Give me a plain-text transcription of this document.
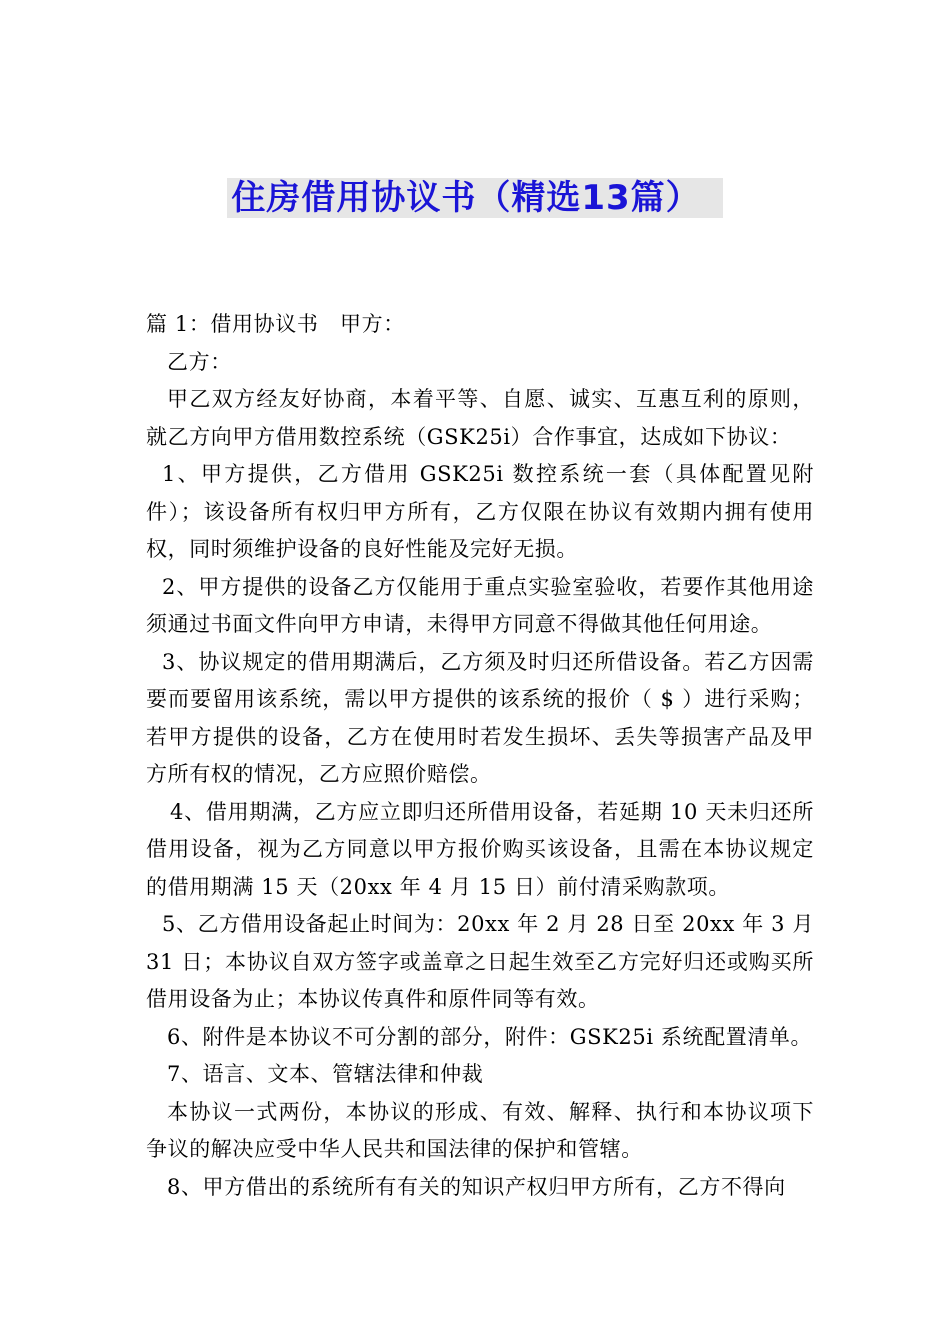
住房借用协议书（精选13篇）

篇 1：借用协议书　甲方：

乙方：

甲乙双方经友好协商，本着平等、自愿、诚实、互惠互利的原则，就乙方向甲方借用数控系统（GSK25i）合作事宜，达成如下协议：

1、甲方提供，乙方借用 GSK25i 数控系统一套（具体配置见附件）；该设备所有权归甲方所有，乙方仅限在协议有效期内拥有使用权，同时须维护设备的良好性能及完好无损。

2、甲方提供的设备乙方仅能用于重点实验室验收，若要作其他用途须通过书面文件向甲方申请，未得甲方同意不得做其他任何用途。

3、协议规定的借用期满后，乙方须及时归还所借设备。若乙方因需要而要留用该系统，需以甲方提供的该系统的报价（ $ ）进行采购；若甲方提供的设备，乙方在使用时若发生损坏、丢失等损害产品及甲方所有权的情况，乙方应照价赔偿。

4、借用期满，乙方应立即归还所借用设备，若延期 10 天未归还所借用设备，视为乙方同意以甲方报价购买该设备，且需在本协议规定的借用期满 15 天（20xx 年 4 月 15 日）前付清采购款项。

5、乙方借用设备起止时间为：20xx 年 2 月 28 日至 20xx 年 3 月 31 日；本协议自双方签字或盖章之日起生效至乙方完好归还或购买所借用设备为止；本协议传真件和原件同等有效。

6、附件是本协议不可分割的部分，附件：GSK25i 系统配置清单。

7、语言、文本、管辖法律和仲裁

本协议一式两份，本协议的形成、有效、解释、执行和本协议项下争议的解决应受中华人民共和国法律的保护和管辖。

8、甲方借出的系统所有有关的知识产权归甲方所有，乙方不得向
